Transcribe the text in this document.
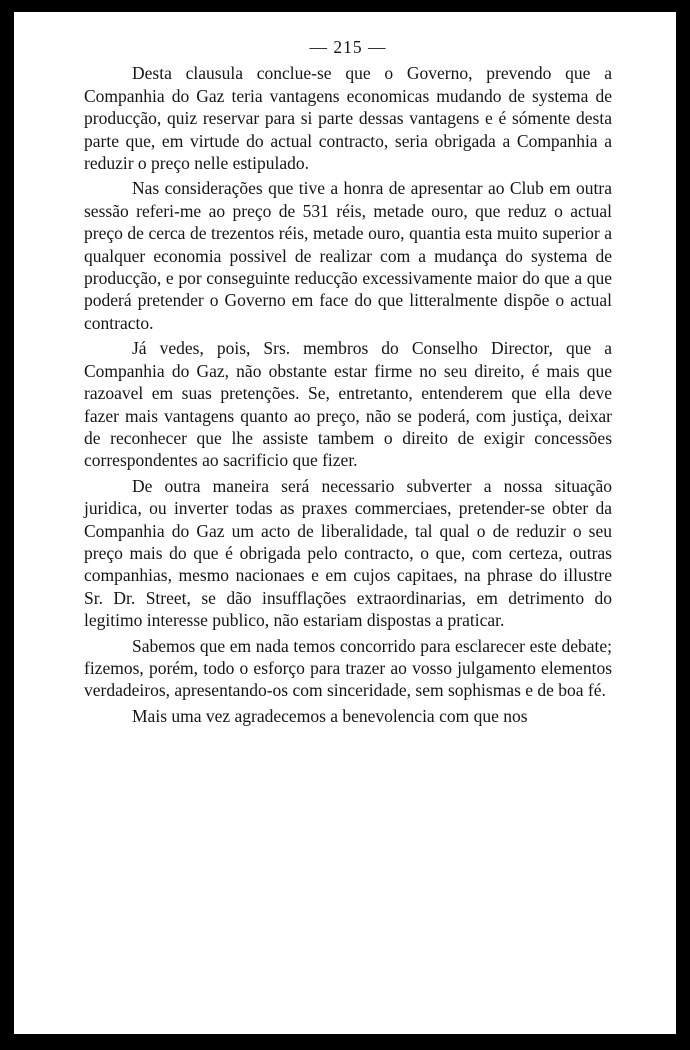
— 215 —

Desta clausula conclue-se que o Governo, prevendo que a Companhia do Gaz teria vantagens economicas mudando de systema de producção, quiz reservar para si parte dessas vantagens e é sómente desta parte que, em virtude do actual contracto, seria obrigada a Companhia a reduzir o preço nelle estipulado.

Nas considerações que tive a honra de apresentar ao Club em outra sessão referi-me ao preço de 531 réis, metade ouro, que reduz o actual preço de cerca de trezentos réis, metade ouro, quantia esta muito superior a qualquer economia possivel de realizar com a mudança do systema de producção, e por conseguinte reducção excessivamente maior do que a que poderá pretender o Governo em face do que litteralmente dispõe o actual contracto.

Já vedes, pois, Srs. membros do Conselho Director, que a Companhia do Gaz, não obstante estar firme no seu direito, é mais que razoavel em suas pretenções. Se, entretanto, entenderem que ella deve fazer mais vantagens quanto ao preço, não se poderá, com justiça, deixar de reconhecer que lhe assiste tambem o direito de exigir concessões correspondentes ao sacrificio que fizer.

De outra maneira será necessario subverter a nossa situação juridica, ou inverter todas as praxes commerciaes, pretender-se obter da Companhia do Gaz um acto de liberalidade, tal qual o de reduzir o seu preço mais do que é obrigada pelo contracto, o que, com certeza, outras companhias, mesmo nacionaes e em cujos capitaes, na phrase do illustre Sr. Dr. Street, se dão insufflações extraordinarias, em detrimento do legitimo interesse publico, não estariam dispostas a praticar.

Sabemos que em nada temos concorrido para esclarecer este debate; fizemos, porém, todo o esforço para trazer ao vosso julgamento elementos verdadeiros, apresentando-os com sinceridade, sem sophismas e de boa fé.

Mais uma vez agradecemos a benevolencia com que nos
